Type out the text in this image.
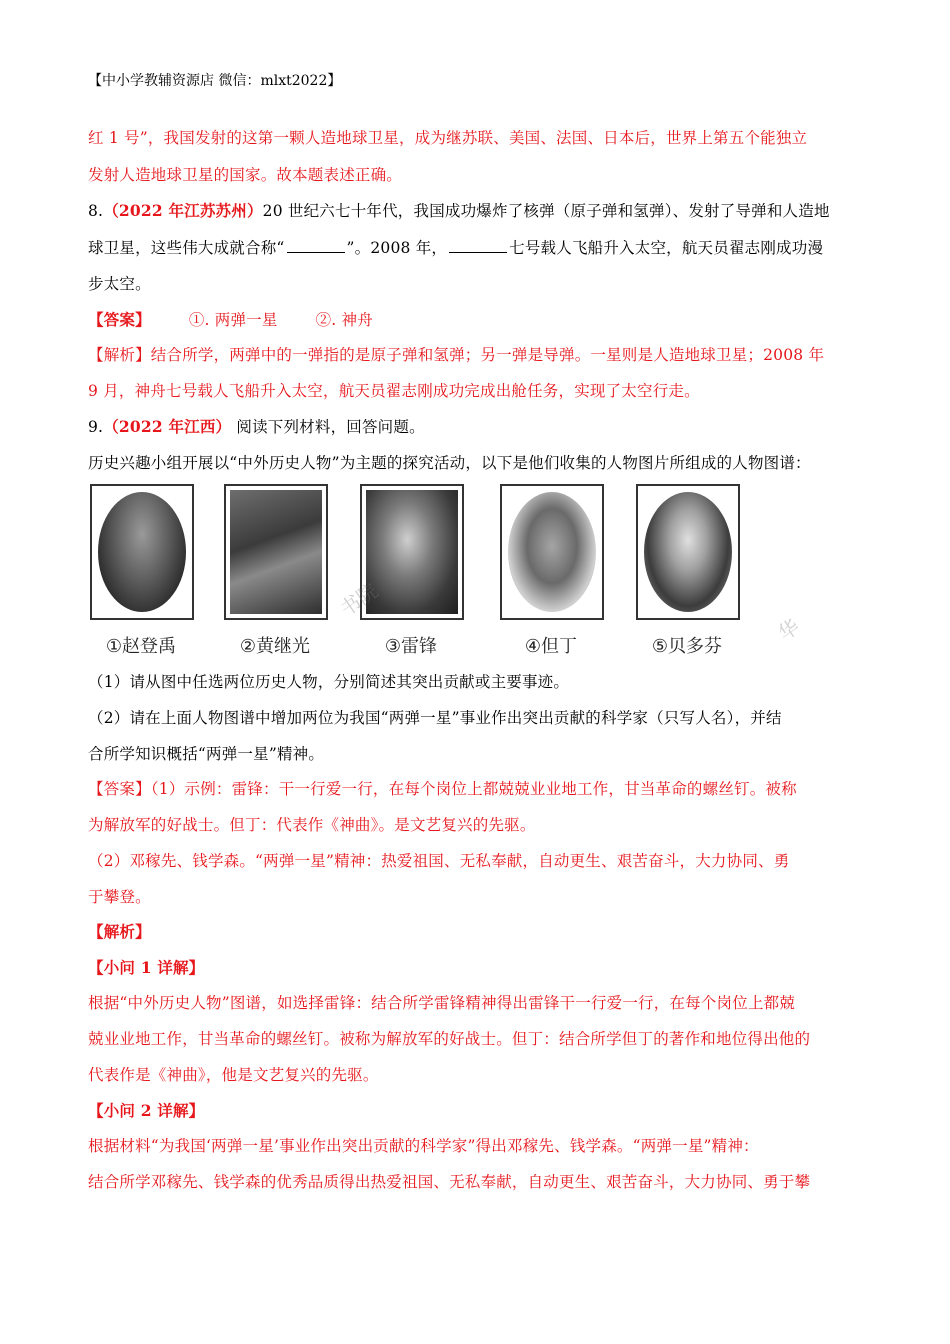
【中小学教辅资源店 微信：mlxt2022】
红 1 号”，我国发射的这第一颗人造地球卫星，成为继苏联、美国、法国、日本后，世界上第五个能独立
发射人造地球卫星的国家。故本题表述正确。
8.（2022 年江苏苏州）20 世纪六七十年代，我国成功爆炸了核弹（原子弹和氢弹）、发射了导弹和人造地
球卫星，这些伟大成就合称“	”。2008 年，	七号载人飞船升入太空，航天员翟志刚成功漫
步太空。
【答案】 ①. 两弹一星 ②. 神舟
【解析】结合所学，两弹中的一弹指的是原子弹和氢弹；另一弹是导弹。一星则是人造地球卫星；2008 年
9 月，神舟七号载人飞船升入太空，航天员翟志刚成功完成出舱任务，实现了太空行走。
9.（2022 年江西） 阅读下列材料，回答问题。
历史兴趣小组开展以“中外历史人物”为主题的探究活动，以下是他们收集的人物图片所组成的人物图谱：
①赵登禹	②黄继光	③雷锋	④但丁	⑤贝多芬
书院
华
（1）请从图中任选两位历史人物，分别简述其突出贡献或主要事迹。
（2）请在上面人物图谱中增加两位为我国“两弹一星”事业作出突出贡献的科学家（只写人名），并结
合所学知识概括“两弹一星”精神。
【答案】（1）示例：雷锋：干一行爱一行，在每个岗位上都兢兢业业地工作，甘当革命的螺丝钉。被称
为解放军的好战士。但丁：代表作《神曲》。是文艺复兴的先驱。
（2）邓稼先、钱学森。“两弹一星”精神：热爱祖国、无私奉献，自动更生、艰苦奋斗，大力协同、勇
于攀登。
【解析】
【小问 1 详解】
根据“中外历史人物”图谱，如选择雷锋：结合所学雷锋精神得出雷锋干一行爱一行，在每个岗位上都兢
兢业业地工作，甘当革命的螺丝钉。被称为解放军的好战士。但丁：结合所学但丁的著作和地位得出他的
代表作是《神曲》，他是文艺复兴的先驱。
【小问 2 详解】
根据材料“为我国‘两弹一星’事业作出突出贡献的科学家”得出邓稼先、钱学森。“两弹一星”精神：
结合所学邓稼先、钱学森的优秀品质得出热爱祖国、无私奉献，自动更生、艰苦奋斗，大力协同、勇于攀
